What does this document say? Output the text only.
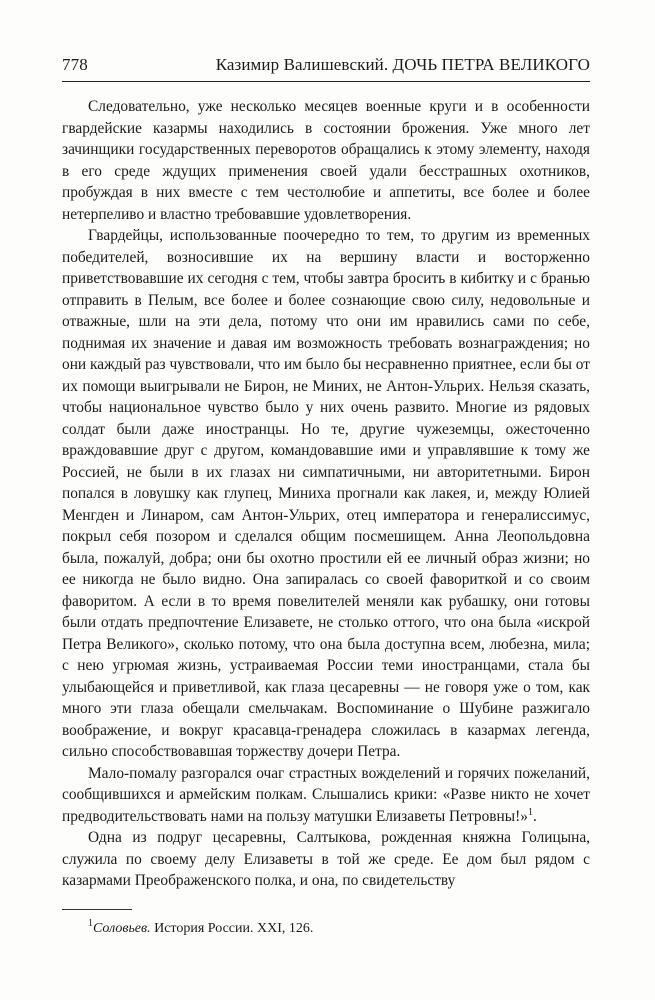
778	Казимир Валишевский. ДОЧЬ ПЕТРА ВЕЛИКОГО

Следовательно, уже несколько месяцев военные круги и в особенности гвардейские казармы находились в состоянии брожения. Уже много лет зачинщики государственных переворотов обращались к этому элементу, находя в его среде ждущих применения своей удали бесстрашных охотников, пробуждая в них вместе с тем честолюбие и аппетиты, все более и более нетерпеливо и властно требовавшие удовлетворения.

Гвардейцы, использованные поочередно то тем, то другим из временных победителей, возносившие их на вершину власти и восторженно приветствовавшие их сегодня с тем, чтобы завтра бросить в кибитку и с бранью отправить в Пелым, все более и более сознающие свою силу, недовольные и отважные, шли на эти дела, потому что они им нравились сами по себе, поднимая их значение и давая им возможность требовать вознаграждения; но они каждый раз чувствовали, что им было бы несравненно приятнее, если бы от их помощи выигрывали не Бирон, не Миних, не Антон-Ульрих. Нельзя сказать, чтобы национальное чувство было у них очень развито. Многие из рядовых солдат были даже иностранцы. Но те, другие чужеземцы, ожесточенно враждовавшие друг с другом, командовавшие ими и управлявшие к тому же Россией, не были в их глазах ни симпатичными, ни авторитетными. Бирон попался в ловушку как глупец, Миниха прогнали как лакея, и, между Юлией Менгден и Линаром, сам Антон-Ульрих, отец императора и генералиссимус, покрыл себя позором и сделался общим посмешищем. Анна Леопольдовна была, пожалуй, добра; они бы охотно простили ей ее личный образ жизни; но ее никогда не было видно. Она запиралась со своей фавориткой и со своим фаворитом. А если в то время повелителей меняли как рубашку, они готовы были отдать предпочтение Елизавете, не столько оттого, что она была «искрой Петра Великого», сколько потому, что она была доступна всем, любезна, мила; с нею угрюмая жизнь, устраиваемая России теми иностранцами, стала бы улыбающейся и приветливой, как глаза цесаревны — не говоря уже о том, как много эти глаза обещали смельчакам. Воспоминание о Шубине разжигало воображение, и вокруг красавца-гренадера сложилась в казармах легенда, сильно способствовавшая торжеству дочери Петра.

Мало-помалу разгорался очаг страстных вожделений и горячих пожеланий, сообщившихся и армейским полкам. Слышались крики: «Разве никто не хочет предводительствовать нами на пользу матушки Елизаветы Петровны!»$^1$.

Одна из подруг цесаревны, Салтыкова, рожденная княжна Голицына, служила по своему делу Елизаветы в той же среде. Ее дом был рядом с казармами Преображенского полка, и она, по свидетельству

$^1$Соловьев. История России. XXI, 126.
